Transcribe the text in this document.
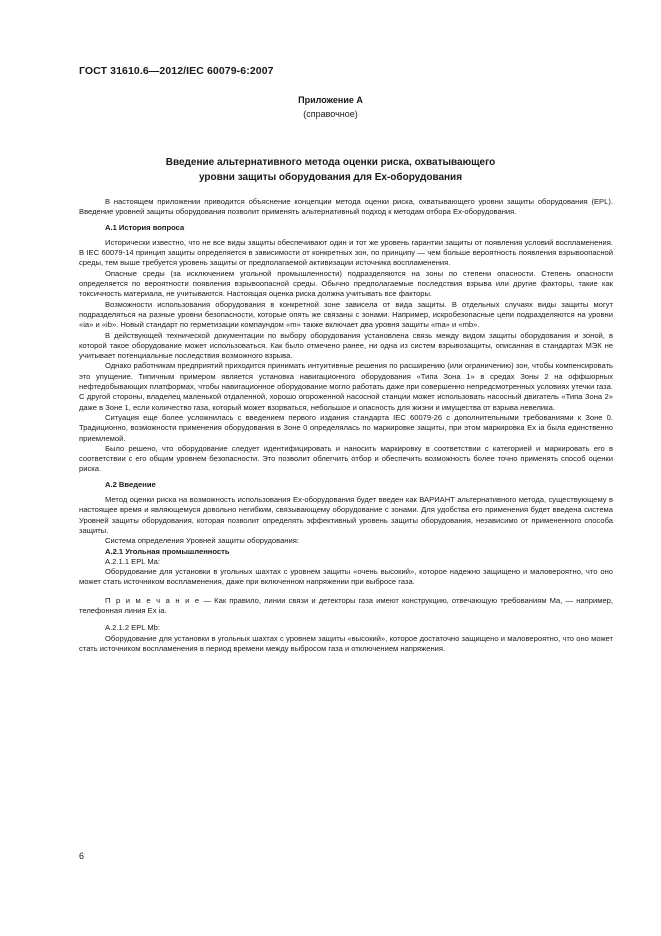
ГОСТ 31610.6—2012/IEC 60079-6:2007
Приложение А
(справочное)
Введение альтернативного метода оценки риска, охватывающего
уровни защиты оборудования для Ex-оборудования

В настоящем приложении приводится объяснение концепции метода оценки риска, охватывающего уровни защиты оборудования (EPL). Введение уровней защиты оборудования позволит применять альтернативный подход к методам отбора Ex-оборудования.

А.1 История вопроса

Исторически известно, что не все виды защиты обеспечивают один и тот же уровень гарантии защиты от появления условий воспламенения. В IEC 60079-14 принцип защиты определяется в зависимости от конкретных зон, по принципу — чем больше вероятность появления взрывоопасной среды, тем выше требуется уровень защиты от предполагаемой активизации источника воспламенения.

Опасные среды (за исключением угольной промышленности) подразделяются на зоны по степени опасности. Степень опасности определяется по вероятности появления взрывоопасной среды. Обычно предполагаемые последствия взрыва или другие факторы, такие как токсичность материала, не учитываются. Настоящая оценка риска должна учитывать все факторы.

Возможности использования оборудования в конкретной зоне зависела от вида защиты. В отдельных случаях виды защиты могут подразделяться на разные уровни безопасности, которые опять же связаны с зонами. Например, искробезопасные цепи подразделяются на уровни «ia» и «ib». Новый стандарт по герметизации компаундом «m» также включает два уровня защиты «ma» и «mb».

В действующей технической документации по выбору оборудования установлена связь между видом защиты оборудования и зоной, в которой такое оборудование может использоваться. Как было отмечено ранее, ни одна из систем взрывозащиты, описанная в стандартах МЭК не учитывает потенциальные последствия возможного взрыва.

Однако работникам предприятий приходится принимать интуитивные решения по расширению (или ограничению) зон, чтобы компенсировать это упущение. Типичным примером является установка навигационного оборудования «Типа Зона 1» в средах Зоны 2 на оффшорных нефтедобывающих платформах, чтобы навигационное оборудование могло работать даже при совершенно непредсмотренных условиях утечки газа. С другой стороны, владелец маленькой отдаленной, хорошо огороженной насосной станции может использовать насосный двигатель «Типа Зона 2» даже в Зоне 1, если количество газа, который может взорваться, небольшое и опасность для жизни и имущества от взрыва невелика.

Ситуация еще более усложнилась с введением первого издания стандарта IEC 60079-26 с дополнительными требованиями к Зоне 0. Традиционно, возможности применения оборудования в Зоне 0 определялась по маркировке защиты, при этом маркировка Ex ia была единственно приемлемой.

Было решено, что оборудование следует идентифицировать и наносить маркировку в соответствии с категорией и маркировать его в соответствии с его общим уровнем безопасности. Это позволит облегчить отбор и обеспечить возможность более точно применять способ оценки риска.

А.2 Введение

Метод оценки риска на возможность использования Ex-оборудования будет введен как ВАРИАНТ альтернативного метода, существующему в настоящее время и являющемуся довольно негибким, связывающему оборудование с зонами. Для удобства его применения будет введена система Уровней защиты оборудования, которая позволит определять эффективный уровень защиты оборудования, независимо от примененного способа защиты.

Система определения Уровней защиты оборудования:

А.2.1 Угольная промышленность

А.2.1.1 EPL Ma:

Оборудование для установки в угольных шахтах с уровнем защиты «очень высокий», которое надежно защищено и маловероятно, что оно может стать источником воспламенения, даже при включенном напряжении при выбросе газа.

П р и м е ч а н и е — Как правило, линии связи и детекторы газа имеют конструкцию, отвечающую требованиям Ma, — например, телефонная линия Ex ia.

А.2.1.2 EPL Mb:

Оборудование для установки в угольных шахтах с уровнем защиты «высокий», которое достаточно защищено и маловероятно, что оно может стать источником воспламенения в период времени между выбросом газа и отключением напряжения.

6
